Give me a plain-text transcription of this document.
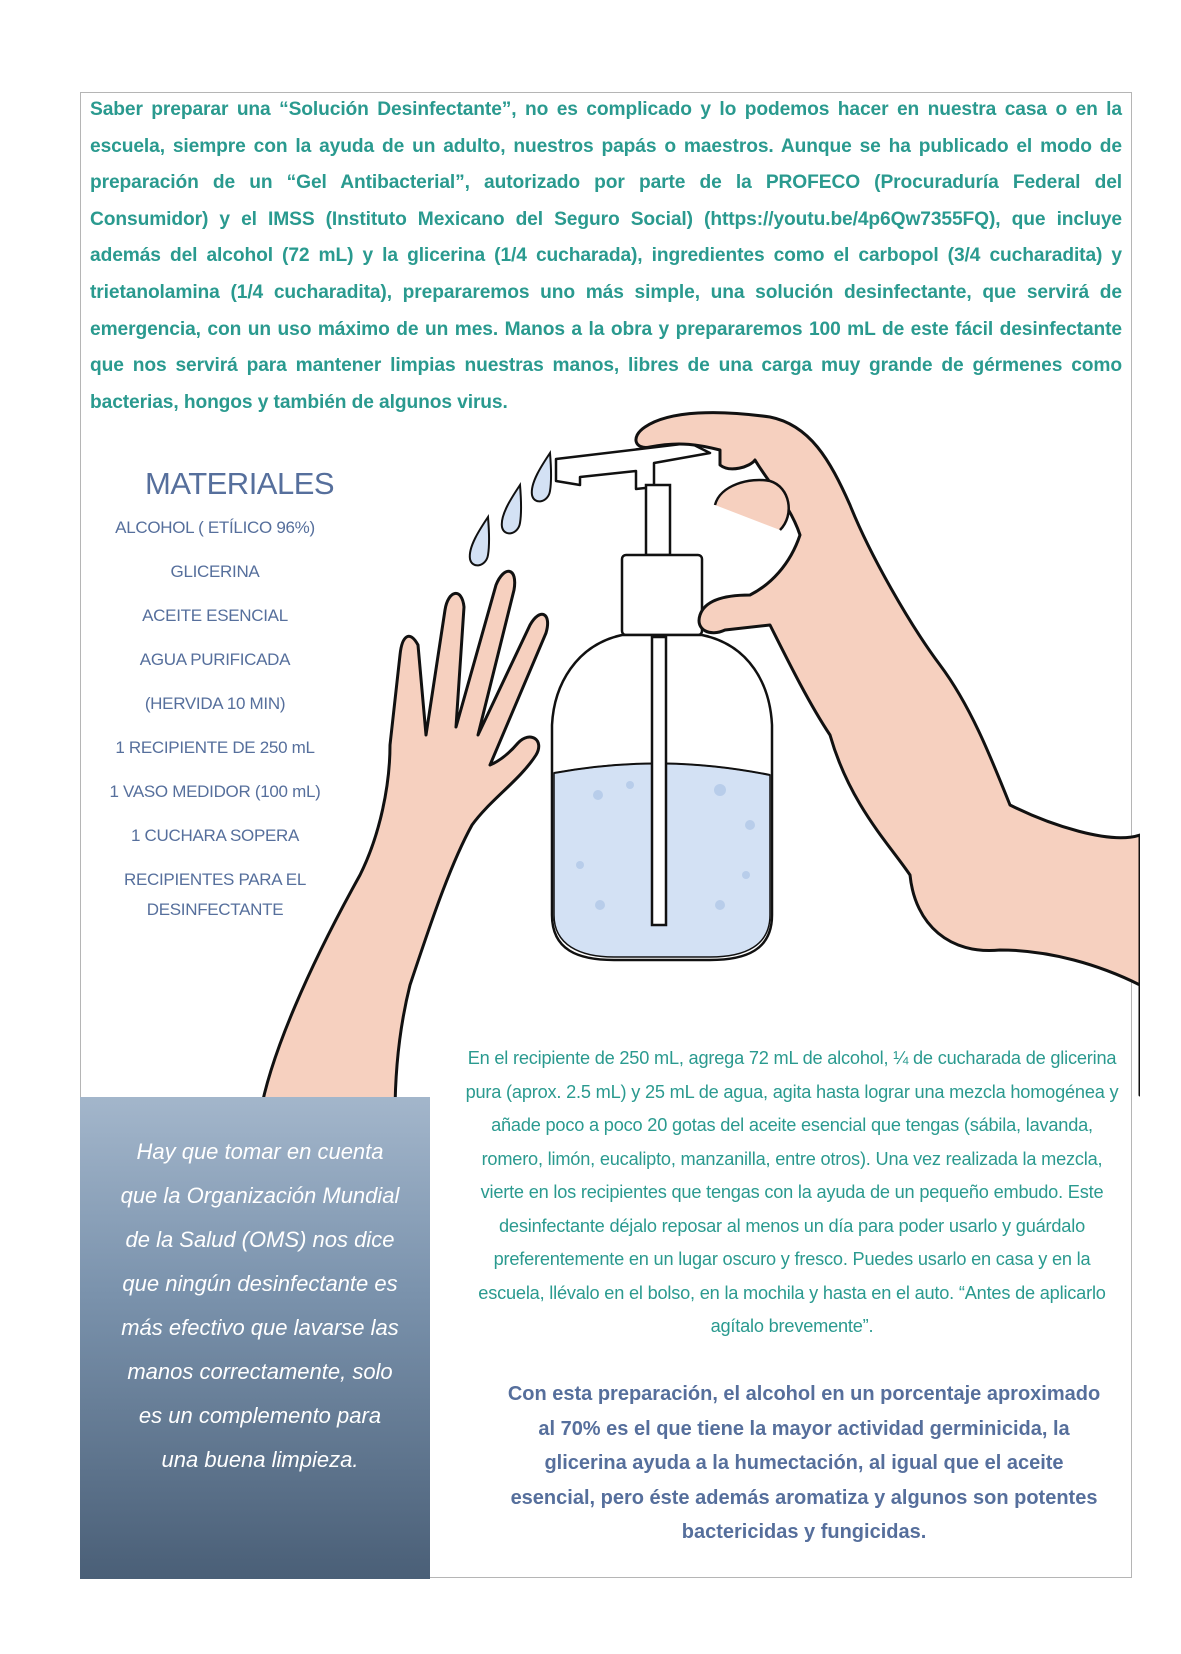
Saber preparar una “Solución Desinfectante”, no es complicado y lo podemos hacer en nuestra casa o en la escuela, siempre con la ayuda de un adulto, nuestros papás o maestros. Aunque se ha publicado el modo de preparación de un “Gel Antibacterial”, autorizado por parte de la PROFECO (Procuraduría Federal del Consumidor) y el IMSS (Instituto Mexicano del Seguro Social) (https://youtu.be/4p6Qw7355FQ), que incluye además del alcohol (72 mL) y la glicerina (1/4 cucharada), ingredientes como el carbopol (3/4 cucharadita) y trietanolamina (1/4 cucharadita), prepararemos uno más simple, una solución desinfectante, que servirá de emergencia, con un uso máximo de un mes. Manos a la obra y prepararemos 100 mL de este fácil desinfectante que nos servirá para mantener limpias nuestras manos, libres de una carga muy grande de gérmenes como bacterias, hongos y también de algunos virus.

MATERIALES
ALCOHOL ( ETÍLICO 96%)
GLICERINA
ACEITE ESENCIAL
AGUA PURIFICADA
(HERVIDA 10 MIN)
1 RECIPIENTE DE 250 mL
1 VASO MEDIDOR (100 mL)
1 CUCHARA SOPERA
RECIPIENTES PARA EL
DESINFECTANTE

En el recipiente de 250 mL, agrega 72 mL de alcohol, ¼ de cucharada de glicerina pura (aprox. 2.5 mL) y 25 mL de agua, agita hasta lograr una mezcla homogénea y añade poco a poco 20 gotas del aceite esencial que tengas (sábila, lavanda, romero, limón, eucalipto, manzanilla, entre otros). Una vez realizada la mezcla, vierte en los recipientes que tengas con la ayuda de un pequeño embudo. Este desinfectante déjalo reposar al menos un día para poder usarlo y guárdalo preferentemente en un lugar oscuro y fresco. Puedes usarlo en casa y en la escuela, llévalo en el bolso, en la mochila y hasta en el auto. “Antes de aplicarlo agítalo brevemente”.

Hay que tomar en cuenta que la Organización Mundial de la Salud (OMS) nos dice que ningún desinfectante es más efectivo que lavarse las manos correctamente, solo es un complemento para una buena limpieza.

Con esta preparación, el alcohol en un porcentaje aproximado al 70% es el que tiene la mayor actividad germinicida, la glicerina ayuda a la humectación, al igual que el aceite esencial, pero éste además aromatiza y algunos son potentes bactericidas y fungicidas.
